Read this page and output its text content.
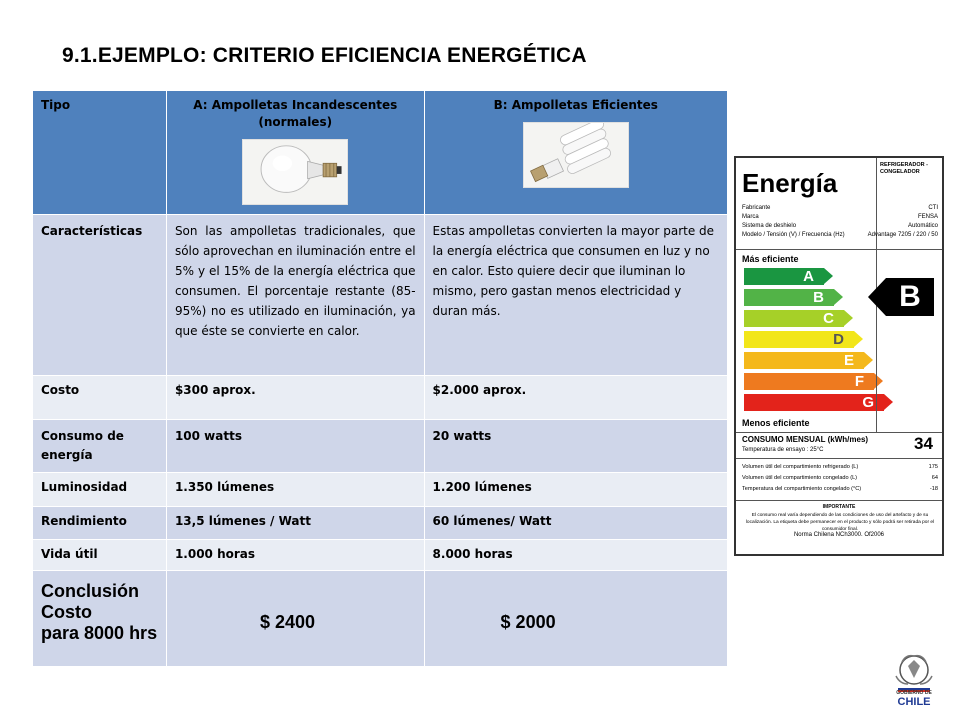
9.1.EJEMPLO: CRITERIO EFICIENCIA ENERGÉTICA
Tipo	A: Ampolletas Incandescentes (normales)	B: Ampolletas Eficientes

Características	Son las ampolletas tradicionales, que sólo aprovechan en iluminación entre el 5% y el 15% de la energía eléctrica que consumen. El porcentaje restante (85-95%) no es utilizado en iluminación, ya que éste se convierte en calor.	Estas ampolletas convierten la mayor parte de la energía eléctrica que consumen en luz y no en calor. Esto quiere decir que iluminan lo mismo, pero gastan menos electricidad y duran más.
Costo	$300 aprox.	$2.000 aprox.
Consumo de energía	100 watts	20 watts
Luminosidad	1.350 lúmenes	1.200 lúmenes
Rendimiento	13,5 lúmenes / Watt	60 lúmenes/ Watt
Vida útil	1.000 horas	8.000 horas

Conclusión
Costo
para 8000 hrs	$ 2400	$ 2000
Energía
REFRIGERADOR - CONGELADOR
Fabricante	CTI
Marca	FENSA
Sistema de deshielo	Automático
Modelo / Tensión (V) / Frecuencia (Hz)	Advantage 7205 / 220 / 50
Más eficiente
A
B
C
D
E
F
G
Menos eficiente
B
CONSUMO MENSUAL (kWh/mes)
Temperatura de ensayo : 25°C	34
Volumen útil del compartimiento refrigerado (L)	175
Volumen útil del compartimiento congelado (L)	64
Temperatura del compartimiento congelado (°C)	-18
IMPORTANTE
El consumo real varía dependiendo de las condiciones de uso del artefacto y de su localización. La etiqueta debe permanecer en el producto y sólo podrá ser retirada por el consumidor final.
Norma Chilena NCh3000. Of2006
GOBIERNO DE
CHILE
